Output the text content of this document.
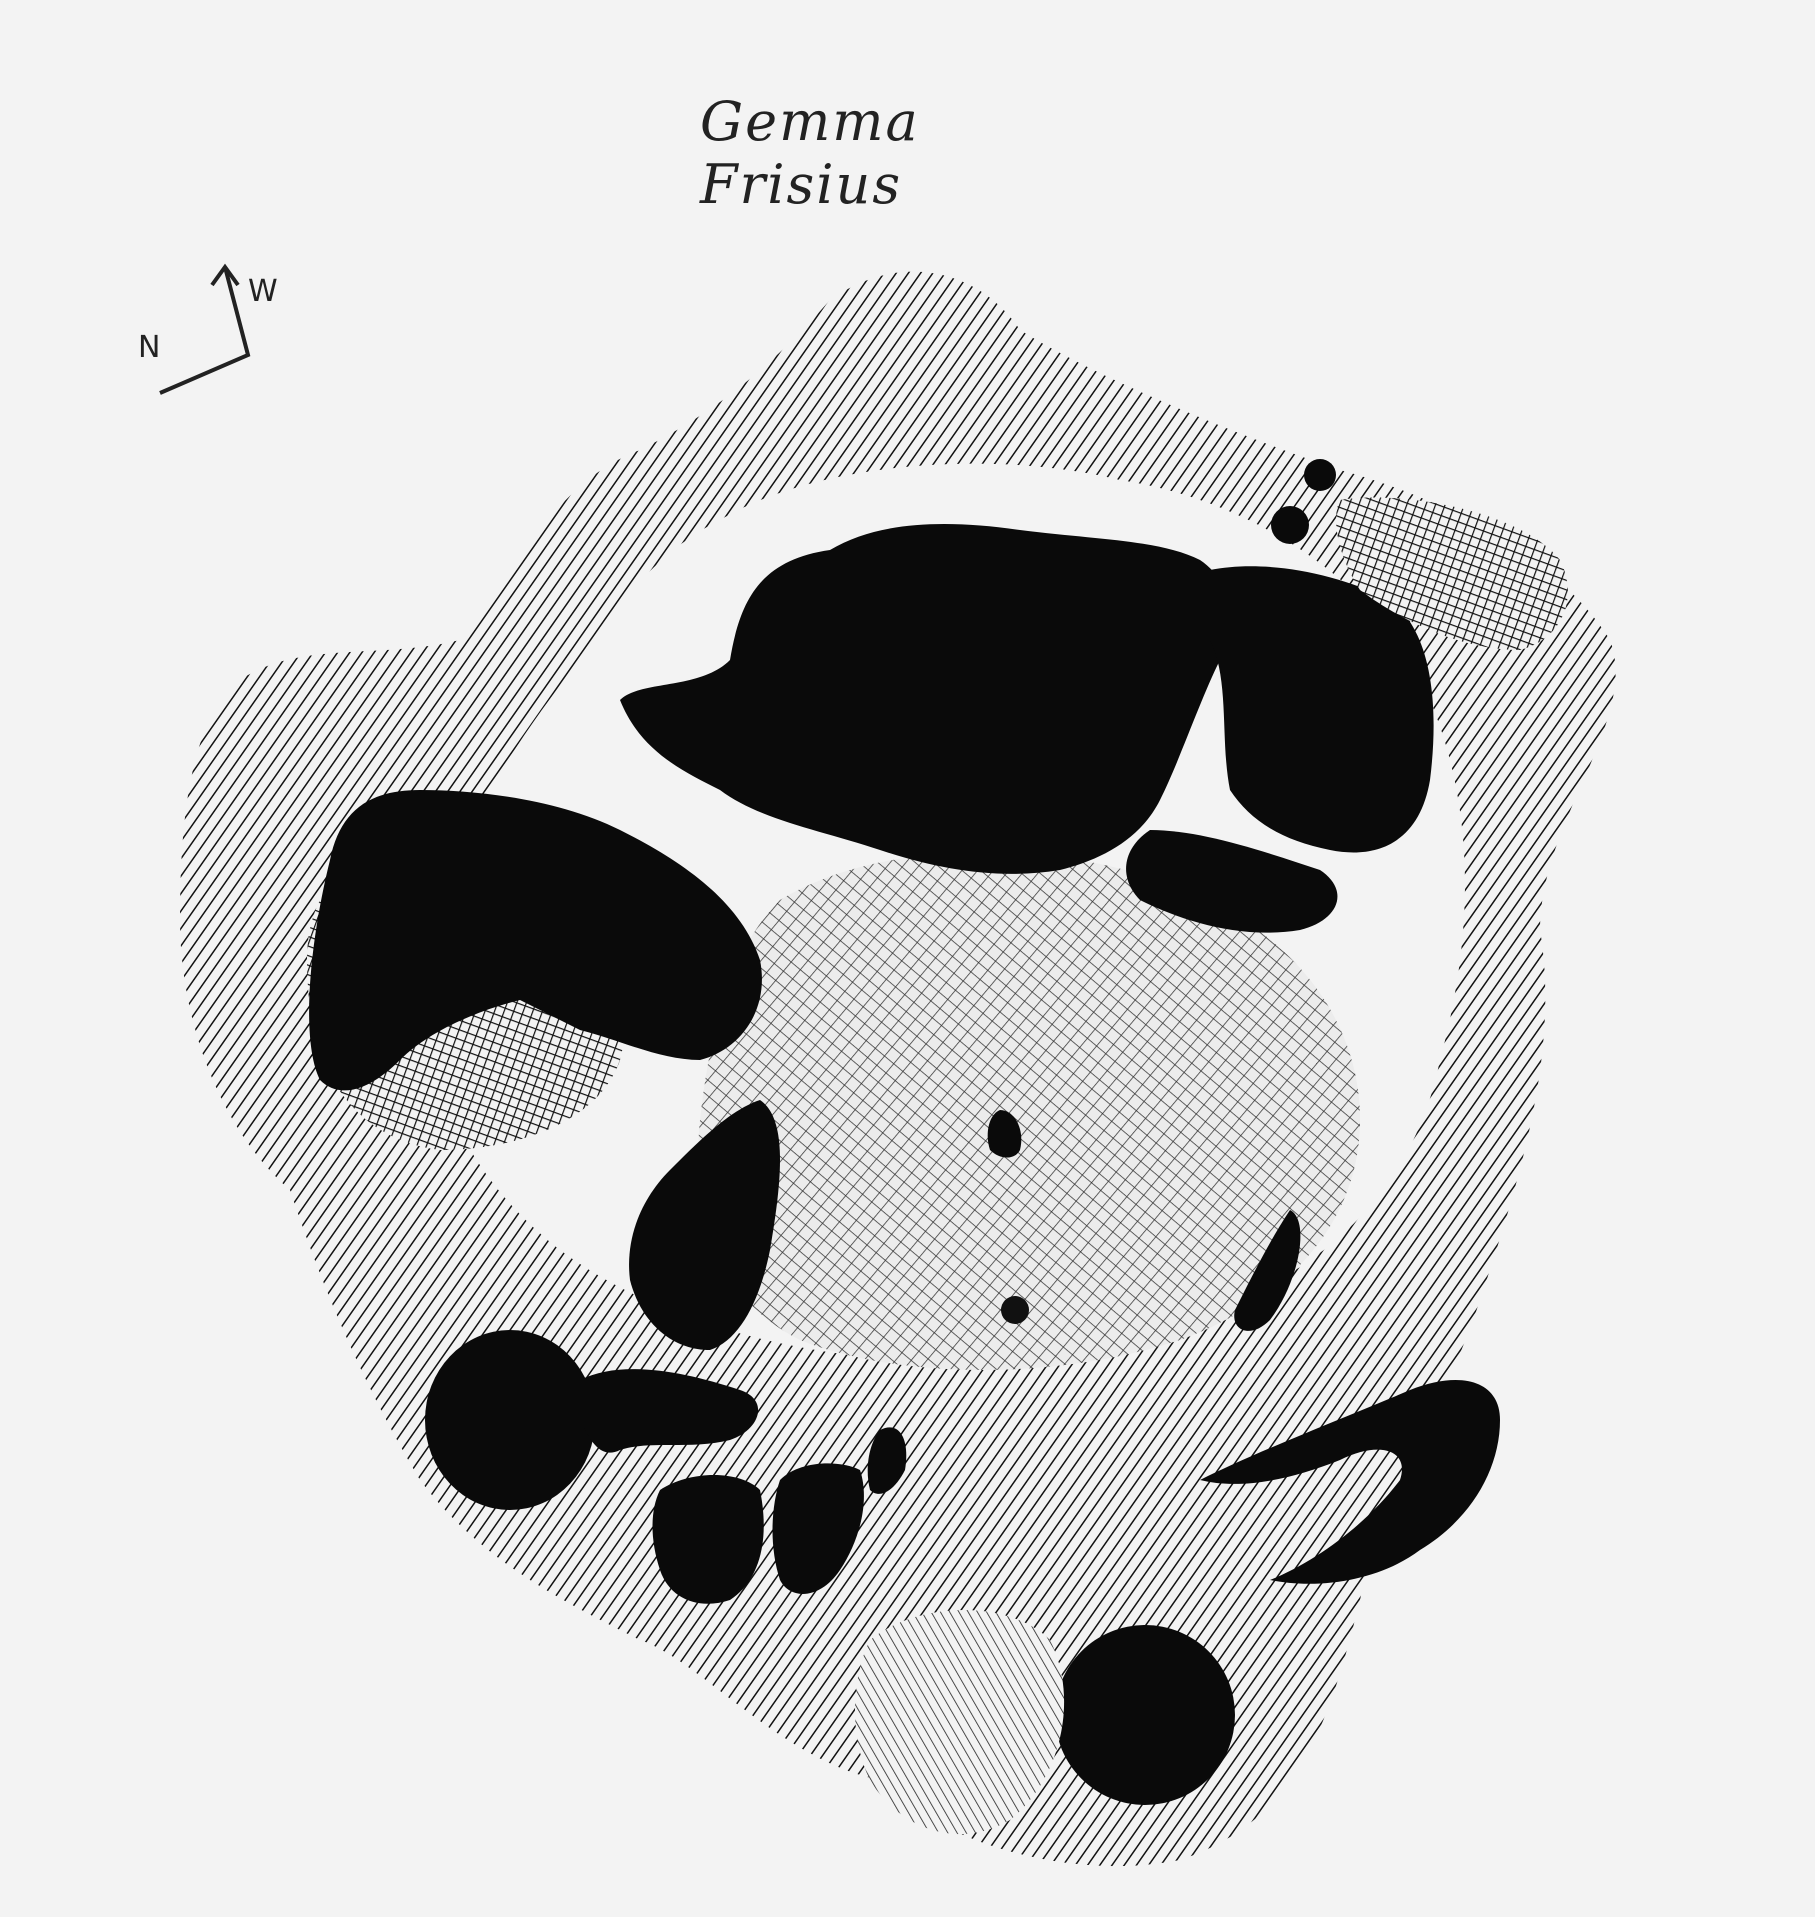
Gemma Frisius
N
W
